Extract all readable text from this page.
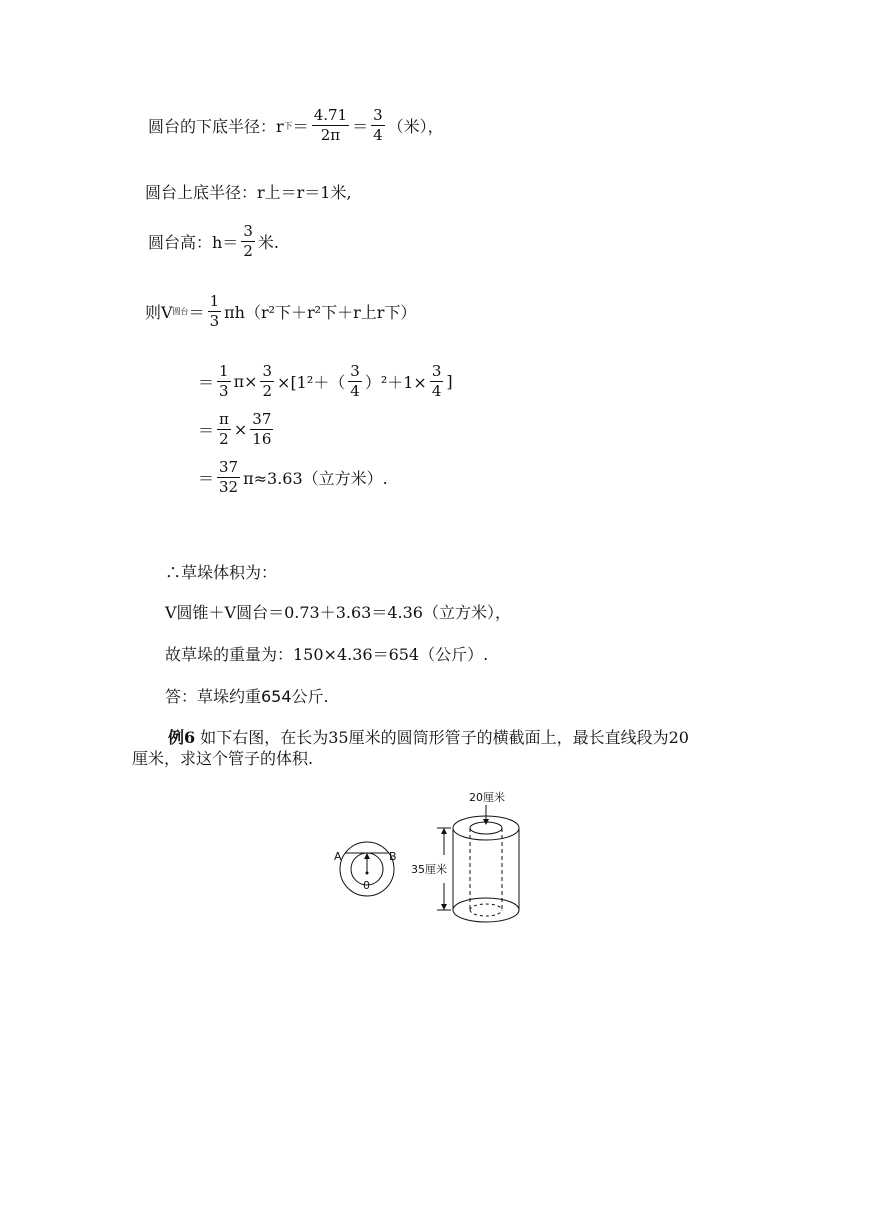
圆台的下底半径：r 下 ＝ $\frac{4.71}{2\pi} = \frac{3}{4}$ （米），
圆台上底半径：r上＝r＝1米,
圆台高：$h= \frac{3}{2}$ 米.
则V 圆台 ＝ $\frac{1}{3} \pi h(r^2$下＋r²下＋r上r下）
＝ $\frac{1}{3} \pi\times \frac{3}{2} \times[1^2+( \frac{3}{4} )^2+1\times \frac{3}{4}$ ]
＝ $\frac{\pi}{2} \times \frac{37}{16}$
＝ $\frac{37}{32} \pi\approx 3.63$（立方米）.
∴草垛体积为：
V圆锥＋V圆台＝0.73＋3.63＝4.36（立方米），
故草垛的重量为：150×4.36＝654（公斤）.
答：草垛约重654公斤.
例6 如下右图，在长为35厘米的圆筒形管子的横截面上，最长直线段为20
厘米，求这个管子的体积.
A	B
0
20厘米
35厘米
